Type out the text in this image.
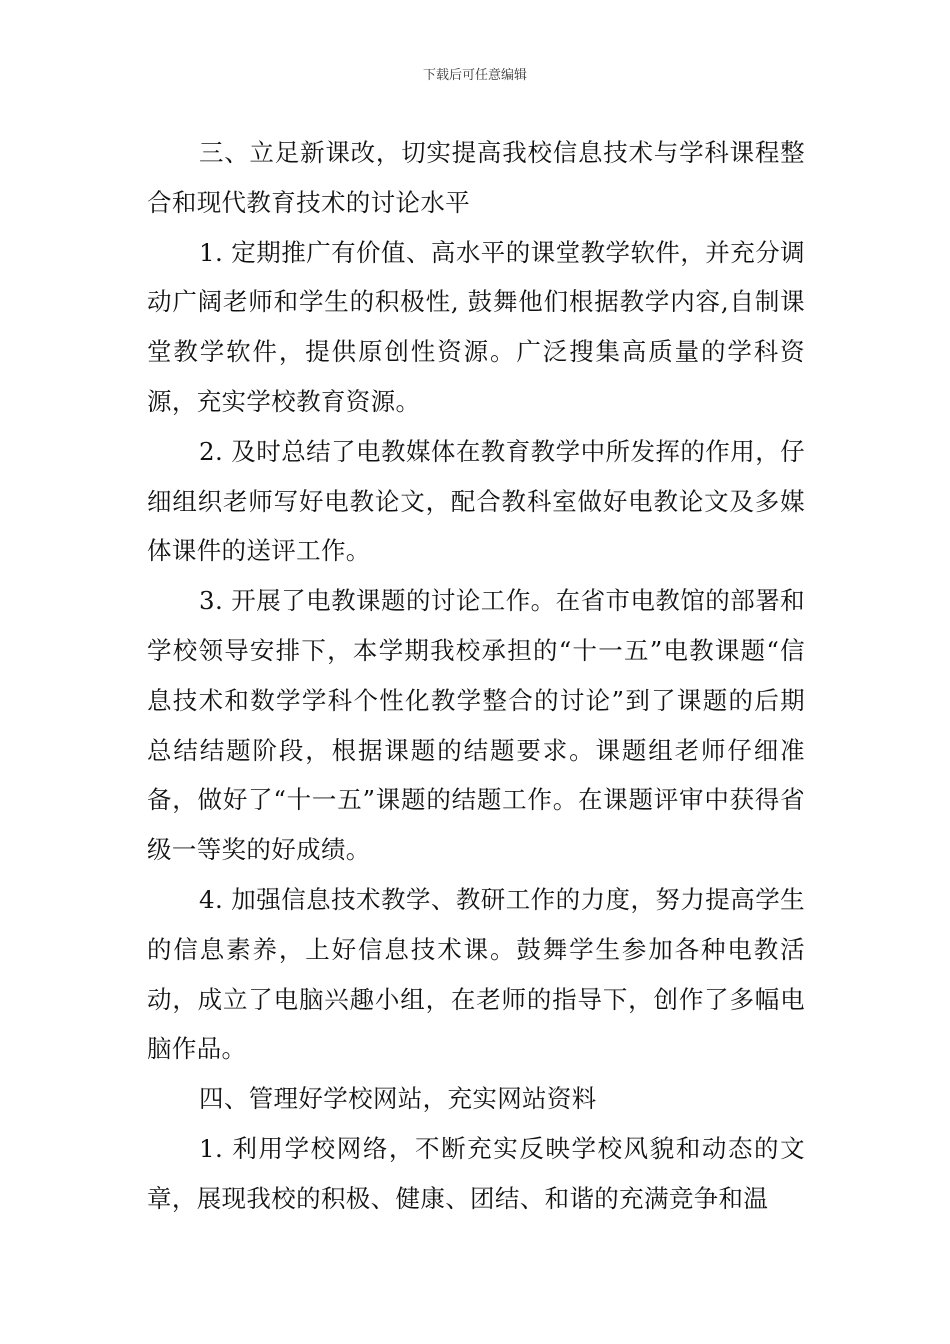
下载后可任意编辑

三、立足新课改，切实提高我校信息技术与学科课程整合和现代教育技术的讨论水平

1. 定期推广有价值、高水平的课堂教学软件，并充分调动广阔老师和学生的积极性, 鼓舞他们根据教学内容,自制课堂教学软件，提供原创性资源。广泛搜集高质量的学科资源，充实学校教育资源。

2. 及时总结了电教媒体在教育教学中所发挥的作用，仔细组织老师写好电教论文，配合教科室做好电教论文及多媒体课件的送评工作。

3. 开展了电教课题的讨论工作。在省市电教馆的部署和学校领导安排下，本学期我校承担的“十一五”电教课题“信息技术和数学学科个性化教学整合的讨论”到了课题的后期总结结题阶段，根据课题的结题要求。课题组老师仔细准备，做好了“十一五”课题的结题工作。在课题评审中获得省级一等奖的好成绩。

4. 加强信息技术教学、教研工作的力度，努力提高学生的信息素养，上好信息技术课。鼓舞学生参加各种电教活动，成立了电脑兴趣小组，在老师的指导下，创作了多幅电脑作品。

四、管理好学校网站，充实网站资料

1. 利用学校网络，不断充实反映学校风貌和动态的文章，展现我校的积极、健康、团结、和谐的充满竞争和温
